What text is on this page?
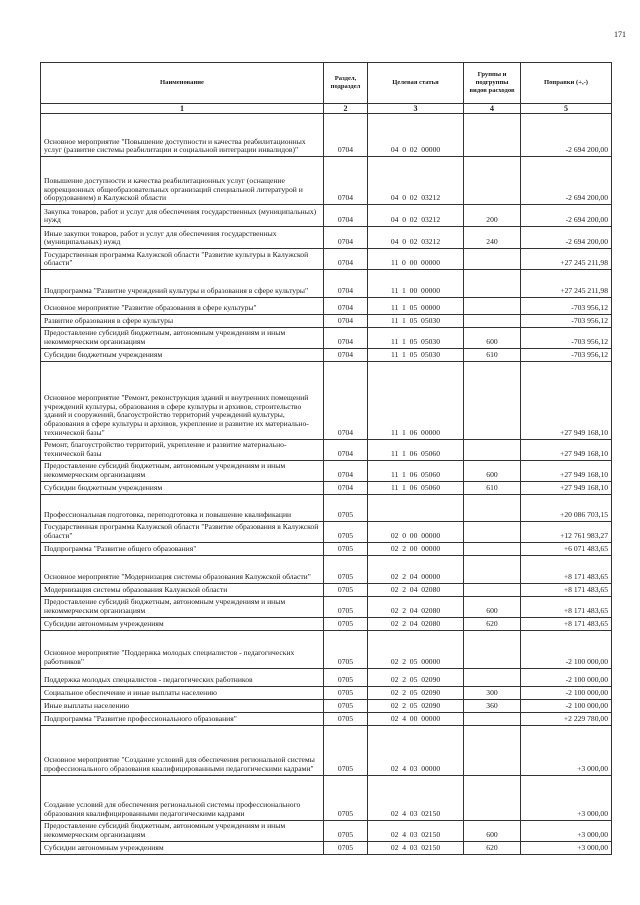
171
Наименование	Раздел, подраздел	Целевая статья	Группы и подгруппы видов расходов	Поправки (+,-)
1	2	3	4	5
Основное мероприятие "Повышение доступности и качества реабилитационных услуг (развитие системы реабилитации и социальной интеграции инвалидов)"	0704	04  0  02  00000		-2 694 200,00
Повышение доступности и качества реабилитационных услуг (оснащение коррекционных общеобразовательных организаций специальной литературой и оборудованием) в Калужской области	0704	04  0  02  03212		-2 694 200,00
Закупка товаров, работ и услуг для обеспечения государственных (муниципальных) нужд	0704	04  0  02  03212	200	-2 694 200,00
Иные закупки товаров, работ и услуг для обеспечения государственных (муниципальных) нужд	0704	04  0  02  03212	240	-2 694 200,00
Государственная программа Калужской области "Развитие культуры в Калужской области"	0704	11  0  00  00000		+27 245 211,98
Подпрограмма "Развитие учреждений культуры и образования в сфере культуры"	0704	11  1  00  00000		+27 245 211,98
Основное мероприятие "Развитие образования в сфере культуры"	0704	11  1  05  00000		-703 956,12
Развитие образования в сфере культуры	0704	11  1  05  05030		-703 956,12
Предоставление субсидий бюджетным, автономным учреждениям и иным некоммерческим организациям	0704	11  1  05  05030	600	-703 956,12
Субсидии бюджетным учреждениям	0704	11  1  05  05030	610	-703 956,12
Основное мероприятие "Ремонт, реконструкция зданий и внутренних помещений учреждений культуры, образования в сфере культуры и архивов, строительство зданий и сооружений, благоустройство территорий учреждений культуры, образования в сфере культуры и архивов, укрепление и развитие их материально-технической базы"	0704	11  1  06  00000		+27 949 168,10
Ремонт, благоустройство территорий, укрепление и развитие материально-технической базы	0704	11  1  06  05060		+27 949 168,10
Предоставление субсидий бюджетным, автономным учреждениям и иным некоммерческим организациям	0704	11  1  06  05060	600	+27 949 168,10
Субсидии бюджетным учреждениям	0704	11  1  06  05060	610	+27 949 168,10
Профессиональная подготовка, переподготовка и повышение квалификации	0705			+20 086 703,15
Государственная программа Калужской области "Развитие образования в Калужской области"	0705	02  0  00  00000		+12 761 983,27
Подпрограмма "Развитие общего образования"	0705	02  2  00  00000		+6 071 483,65
Основное мероприятие "Модернизация системы образования Калужской области"	0705	02  2  04  00000		+8 171 483,65
Модернизация системы образования Калужской области	0705	02  2  04  02080		+8 171 483,65
Предоставление субсидий бюджетным, автономным учреждениям и иным некоммерческим организациям	0705	02  2  04  02080	600	+8 171 483,65
Субсидии автономным учреждениям	0705	02  2  04  02080	620	+8 171 483,65
Основное мероприятие "Поддержка молодых специалистов - педагогических работников"	0705	02  2  05  00000		-2 100 000,00
Поддержка молодых специалистов - педагогических работников	0705	02  2  05  02090		-2 100 000,00
Социальное обеспечение и иные выплаты населению	0705	02  2  05  02090	300	-2 100 000,00
Иные выплаты населению	0705	02  2  05  02090	360	-2 100 000,00
Подпрограмма "Развитие профессионального образования"	0705	02  4  00  00000		+2 229 780,00
Основное мероприятие "Создание условий для обеспечения региональной системы профессионального образования квалифицированными педагогическими кадрами"	0705	02  4  03  00000		+3 000,00
Создание условий для обеспечения региональной системы профессионального образования квалифицированными педагогическими кадрами	0705	02  4  03  02150		+3 000,00
Предоставление субсидий бюджетным, автономным учреждениям и иным некоммерческим организациям	0705	02  4  03  02150	600	+3 000,00
Субсидии автономным учреждениям	0705	02  4  03  02150	620	+3 000,00
